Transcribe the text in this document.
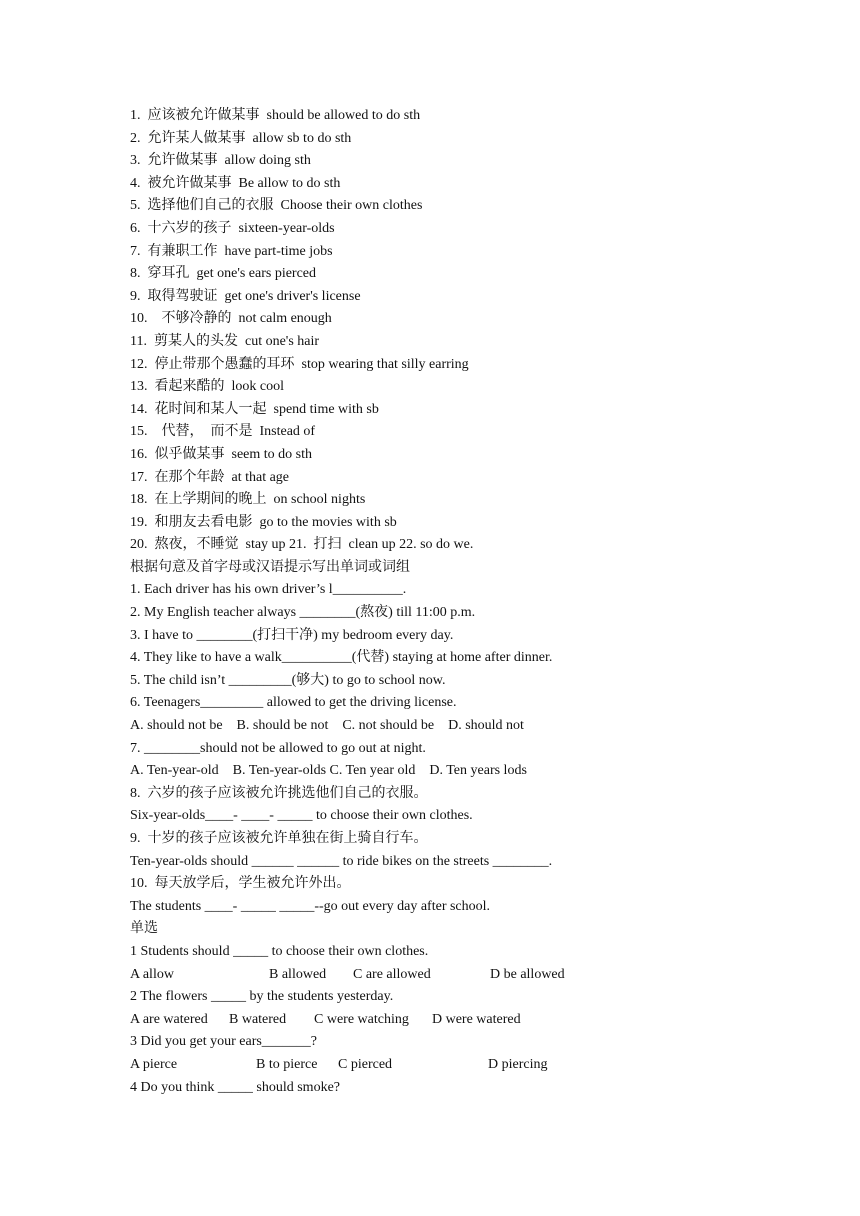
1. 应该被允许做某事 should be allowed to do sth
2. 允许某人做某事 allow sb to do sth
3. 允许做某事 allow doing sth
4. 被允许做某事 Be allow to do sth
5. 选择他们自己的衣服 Choose their own clothes
6. 十六岁的孩子 sixteen-year-olds
7. 有兼职工作 have part-time jobs
8. 穿耳孔 get one's ears pierced
9. 取得驾驶证 get one's driver's license
10.    不够冷静的 not calm enough
11. 剪某人的头发 cut one's hair
12. 停止带那个愚蠢的耳环 stop wearing that silly earring
13. 看起来酷的 look cool
14. 花时间和某人一起 spend time with sb
15.    代替，  而不是 Instead of
16. 似乎做某事 seem to do sth
17. 在那个年龄 at that age
18. 在上学期间的晚上 on school nights
19. 和朋友去看电影 go to the movies with sb
20. 熬夜，不睡觉 stay up 21.  打扫  clean up 22. so do we.
根据句意及首字母或汉语提示写出单词或词组
1. Each driver has his own driver’s l__________.
2. My English teacher always ________(熬夜) till 11:00 p.m.
3. I have to ________(打扫干净) my bedroom every day.
4. They like to have a walk__________(代替) staying at home after dinner.
5. The child isn’t _________(够大) to go to school now.
6. Teenagers_________ allowed to get the driving license.
A. should not be    B. should be not    C. not should be    D. should not
7. ________should not be allowed to go out at night.
A. Ten-year-old    B. Ten-year-olds C. Ten year old    D. Ten years lods
8.  六岁的孩子应该被允许挑选他们自己的衣服。
Six-year-olds____- ____- _____ to choose their own clothes.
9.  十岁的孩子应该被允许单独在街上骑自行车。
Ten-year-olds should ______ ______ to ride bikes on the streets ________.
10.  每天放学后，学生被允许外出。
The students ____- _____ _____--go out every day after school.
单选
1 Students should _____ to choose their own clothes.
A allow	B allowed	C are allowed	D be allowed
2 The flowers _____ by the students yesterday.
A are watered	B watered	C were watching	D were watered
3 Did you get your ears_______?
A pierce	B to pierce	C pierced	D piercing
4 Do you think _____ should smoke?
